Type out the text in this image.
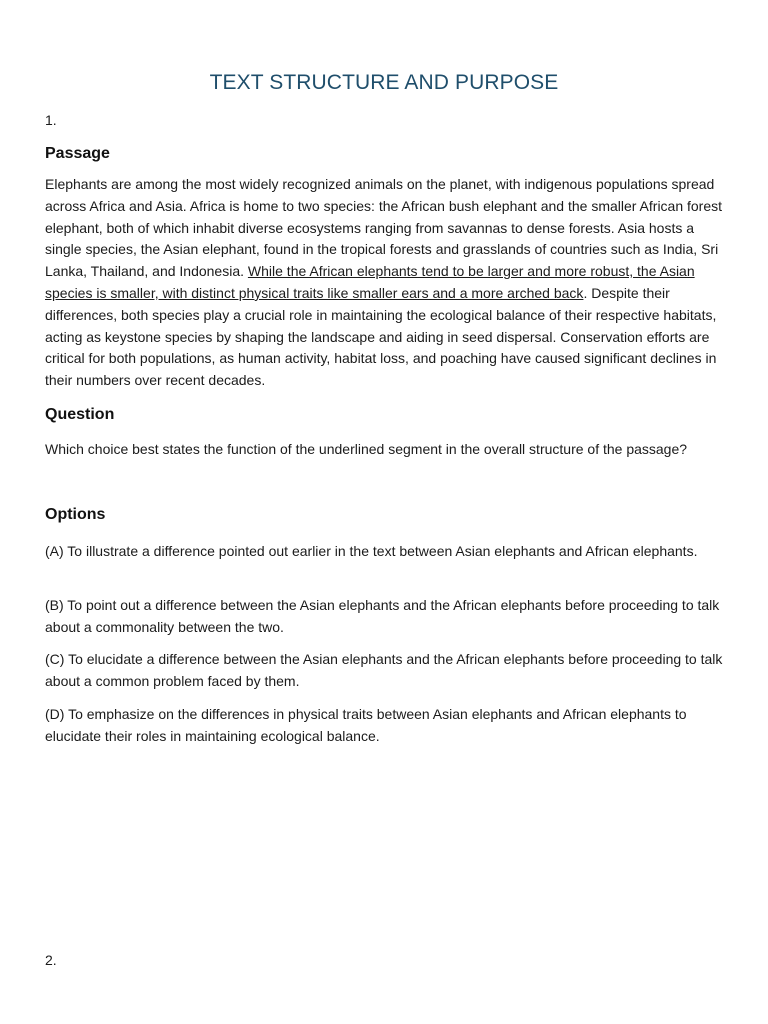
TEXT STRUCTURE AND PURPOSE
1.
Passage
Elephants are among the most widely recognized animals on the planet, with indigenous populations spread across Africa and Asia. Africa is home to two species: the African bush elephant and the smaller African forest elephant, both of which inhabit diverse ecosystems ranging from savannas to dense forests. Asia hosts a single species, the Asian elephant, found in the tropical forests and grasslands of countries such as India, Sri Lanka, Thailand, and Indonesia. While the African elephants tend to be larger and more robust, the Asian species is smaller, with distinct physical traits like smaller ears and a more arched back. Despite their differences, both species play a crucial role in maintaining the ecological balance of their respective habitats, acting as keystone species by shaping the landscape and aiding in seed dispersal. Conservation efforts are critical for both populations, as human activity, habitat loss, and poaching have caused significant declines in their numbers over recent decades.
Question
Which choice best states the function of the underlined segment in the overall structure of the passage?
Options
(A) To illustrate a difference pointed out earlier in the text between Asian elephants and African elephants.
(B) To point out a difference between the Asian elephants and the African elephants before proceeding to talk about a commonality between the two.
(C) To elucidate a difference between the Asian elephants and the African elephants before proceeding to talk about a common problem faced by them.
(D) To emphasize on the differences in physical traits between Asian elephants and African elephants to elucidate their roles in maintaining ecological balance.
2.
